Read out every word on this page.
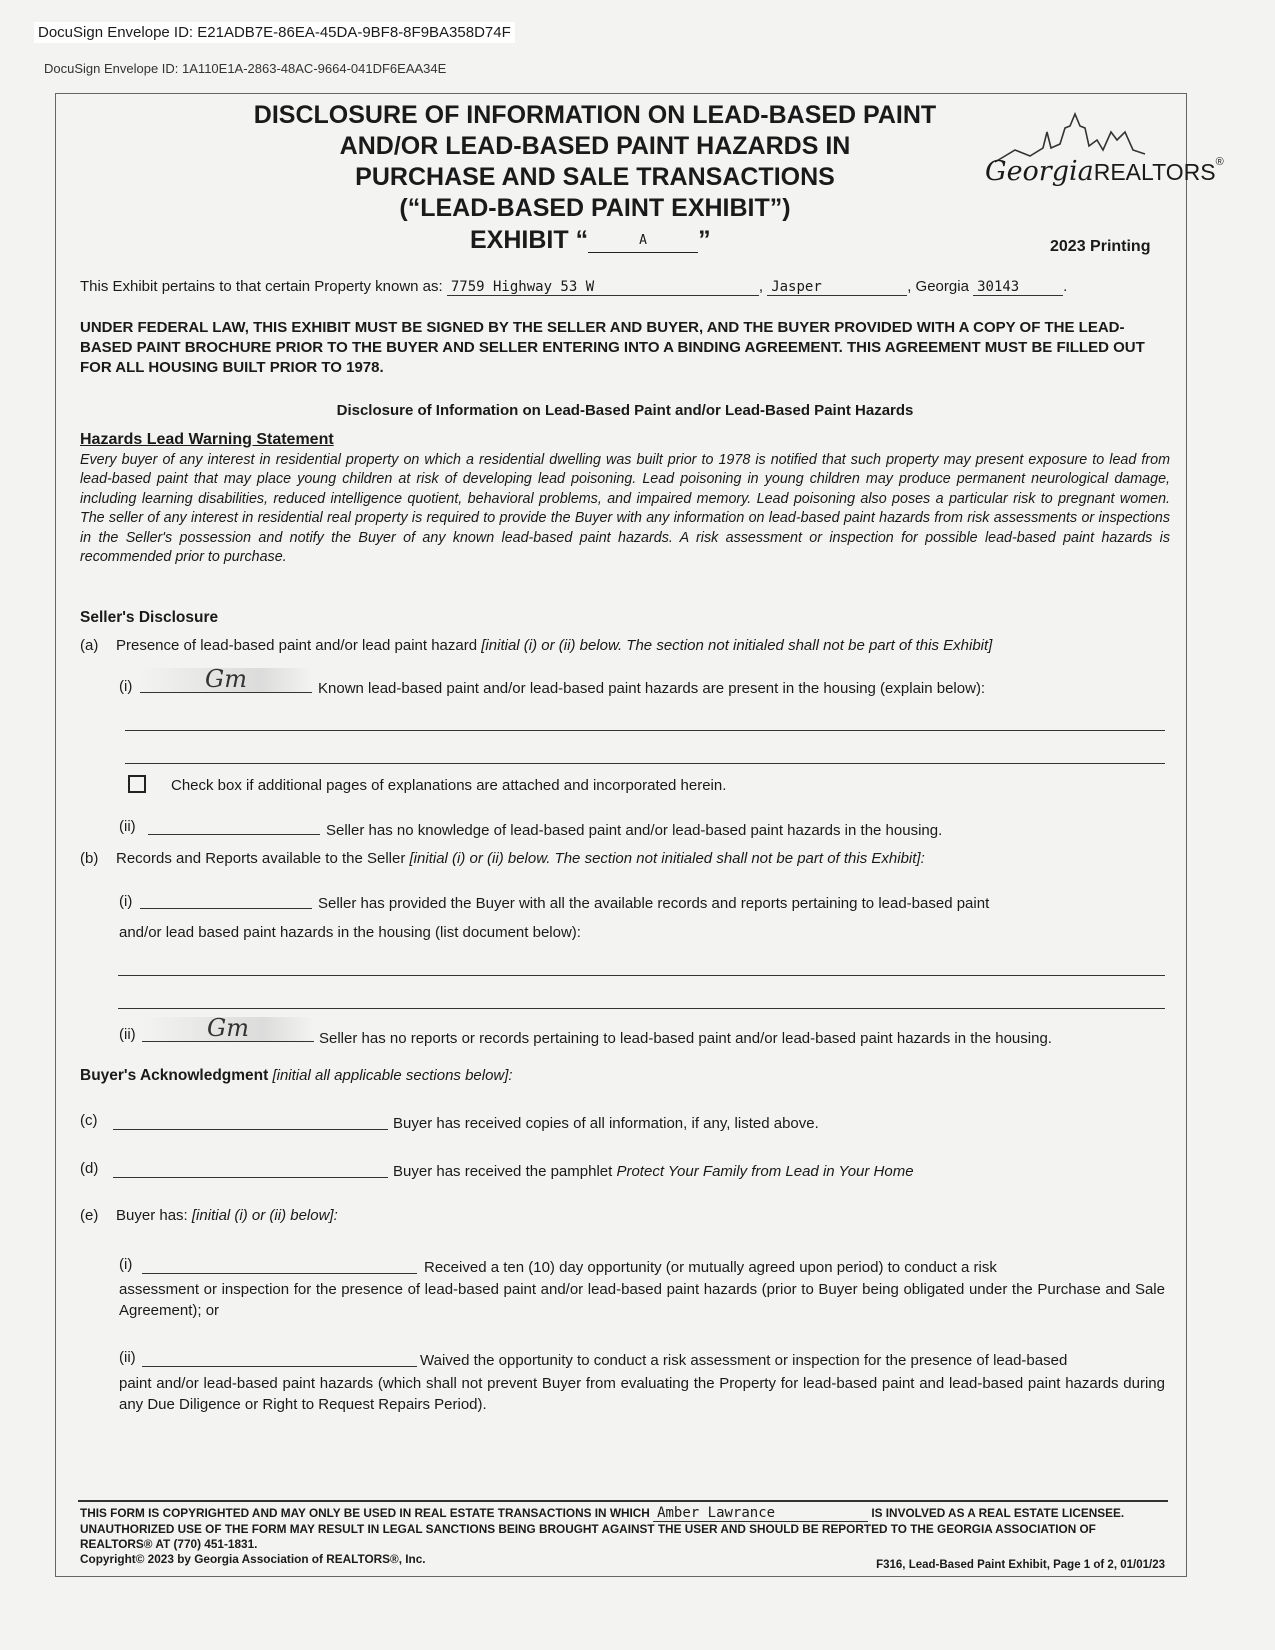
DocuSign Envelope ID: E21ADB7E-86EA-45DA-9BF8-8F9BA358D74F
DocuSign Envelope ID: 1A110E1A-2863-48AC-9664-041DF6EAA34E
DISCLOSURE OF INFORMATION ON LEAD-BASED PAINT
AND/OR LEAD-BASED PAINT HAZARDS IN
PURCHASE AND SALE TRANSACTIONS
(“LEAD-BASED PAINT EXHIBIT”)
EXHIBIT “	A ”
GeorgiaREALTORS®
2023 Printing
This Exhibit pertains to that certain Property known as: 7759 Highway 53 W	, Jasper	, Georgia 30143	.
UNDER FEDERAL LAW, THIS EXHIBIT MUST BE SIGNED BY THE SELLER AND BUYER, AND THE BUYER PROVIDED WITH A COPY OF THE LEAD-BASED PAINT BROCHURE PRIOR TO THE BUYER AND SELLER ENTERING INTO A BINDING AGREEMENT. THIS AGREEMENT MUST BE FILLED OUT FOR ALL HOUSING BUILT PRIOR TO 1978.
Disclosure of Information on Lead-Based Paint and/or Lead-Based Paint Hazards
Hazards Lead Warning Statement
Every buyer of any interest in residential property on which a residential dwelling was built prior to 1978 is notified that such property may present exposure to lead from lead-based paint that may place young children at risk of developing lead poisoning. Lead poisoning in young children may produce permanent neurological damage, including learning disabilities, reduced intelligence quotient, behavioral problems, and impaired memory. Lead poisoning also poses a particular risk to pregnant women. The seller of any interest in residential real property is required to provide the Buyer with any information on lead-based paint hazards from risk assessments or inspections in the Seller's possession and notify the Buyer of any known lead-based paint hazards. A risk assessment or inspection for possible lead-based paint hazards is recommended prior to purchase.
Seller's Disclosure
(a) Presence of lead-based paint and/or lead paint hazard [initial (i) or (ii) below. The section not initialed shall not be part of this Exhibit]
(i)	Gm	Known lead-based paint and/or lead-based paint hazards are present in the housing (explain below):
Check box if additional pages of explanations are attached and incorporated herein.
(ii)	Seller has no knowledge of lead-based paint and/or lead-based paint hazards in the housing.
(b) Records and Reports available to the Seller [initial (i) or (ii) below. The section not initialed shall not be part of this Exhibit]:
(i)	Seller has provided the Buyer with all the available records and reports pertaining to lead-based paint
and/or lead based paint hazards in the housing (list document below):
(ii)	Gm	Seller has no reports or records pertaining to lead-based paint and/or lead-based paint hazards in the housing.
Buyer's Acknowledgment [initial all applicable sections below]:
(c)	Buyer has received copies of all information, if any, listed above.
(d)	Buyer has received the pamphlet Protect Your Family from Lead in Your Home
(e) Buyer has: [initial (i) or (ii) below]:
(i)	Received a ten (10) day opportunity (or mutually agreed upon period) to conduct a risk
assessment or inspection for the presence of lead-based paint and/or lead-based paint hazards (prior to Buyer being obligated under the Purchase and Sale Agreement); or
(ii)	Waived the opportunity to conduct a risk assessment or inspection for the presence of lead-based
paint and/or lead-based paint hazards (which shall not prevent Buyer from evaluating the Property for lead-based paint and lead-based paint hazards during any Due Diligence or Right to Request Repairs Period).
THIS FORM IS COPYRIGHTED AND MAY ONLY BE USED IN REAL ESTATE TRANSACTIONS IN WHICH Amber Lawrance	IS INVOLVED AS A REAL ESTATE LICENSEE. UNAUTHORIZED USE OF THE FORM MAY RESULT IN LEGAL SANCTIONS BEING BROUGHT AGAINST THE USER AND SHOULD BE REPORTED TO THE GEORGIA ASSOCIATION OF REALTORS® AT (770) 451-1831.
Copyright© 2023 by Georgia Association of REALTORS®, Inc.	F316, Lead-Based Paint Exhibit, Page 1 of 2, 01/01/23
